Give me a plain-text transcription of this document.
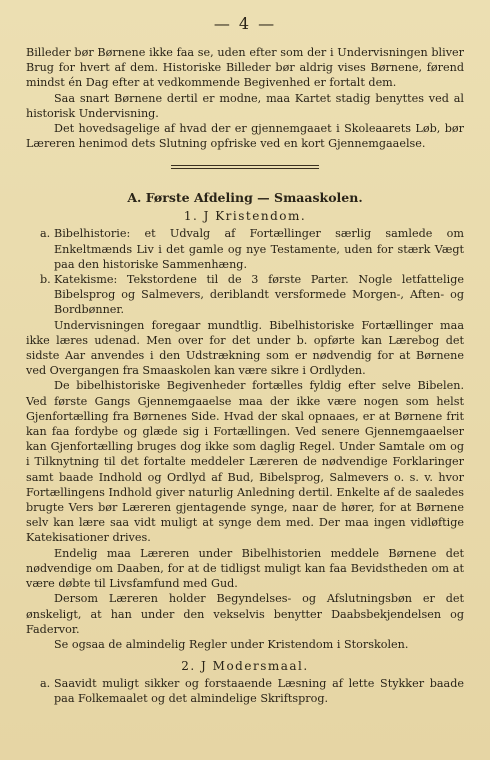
— 4 —

Billeder bør Børnene ikke faa se, uden efter som der i Undervisningen bliver Brug for hvert af dem. Historiske Billeder bør aldrig vises Børnene, førend mindst én Dag efter at vedkommende Begivenhed er fortalt dem.

Saa snart Børnene dertil er modne, maa Kartet stadig benyttes ved al historisk Undervisning.

Det hovedsagelige af hvad der er gjennemgaaet i Skoleaarets Løb, bør Læreren henimod dets Slutning opfriske ved en kort Gjennemgaaelse.

A. Første Afdeling — Smaaskolen.
1. J Kristendom.
a. Bibelhistorie: et Udvalg af Fortællinger særlig samlede om Enkeltmænds Liv i det gamle og nye Testamente, uden for stærk Vægt paa den historiske Sammenhæng.
b. Katekisme: Tekstordene til de 3 første Parter. Nogle letfattelige Bibelsprog og Salmevers, deriblandt versformede Morgen-, Aften- og Bordbønner.

Undervisningen foregaar mundtlig. Bibelhistoriske Fortællinger maa ikke læres udenad. Men over for det under b. opførte kan Lærebog det sidste Aar anvendes i den Udstrækning som er nødvendig for at Børnene ved Overgangen fra Smaaskolen kan være sikre i Ordlyden.

De bibelhistoriske Begivenheder fortælles fyldig efter selve Bibelen. Ved første Gangs Gjennemgaaelse maa der ikke være nogen som helst Gjenfortælling fra Børnenes Side. Hvad der skal opnaaes, er at Børnene frit kan faa fordybe og glæde sig i Fortællingen. Ved senere Gjennemgaaelser kan Gjenfortælling bruges dog ikke som daglig Regel. Under Samtale om og i Tilknytning til det fortalte meddeler Læreren de nødvendige Forklaringer samt baade Indhold og Ordlyd af Bud, Bibelsprog, Salmevers o. s. v. hvor Fortællingens Indhold giver naturlig Anledning dertil. Enkelte af de saaledes brugte Vers bør Læreren gjentagende synge, naar de hører, for at Børnene selv kan lære saa vidt muligt at synge dem med. Der maa ingen vidløftige Katekisationer drives.

Endelig maa Læreren under Bibelhistorien meddele Børnene det nødvendige om Daaben, for at de tidligst muligt kan faa Bevidstheden om at være døbte til Livsfamfund med Gud.

Dersom Læreren holder Begyndelses- og Afslutningsbøn er det ønskeligt, at han under den vekselvis benytter Daabsbekjendelsen og Fadervor.

Se ogsaa de almindelig Regler under Kristendom i Storskolen.

2. J Modersmaal.
a. Saavidt muligt sikker og forstaaende Læsning af lette Stykker baade paa Folkemaalet og det almindelige Skriftsprog.
